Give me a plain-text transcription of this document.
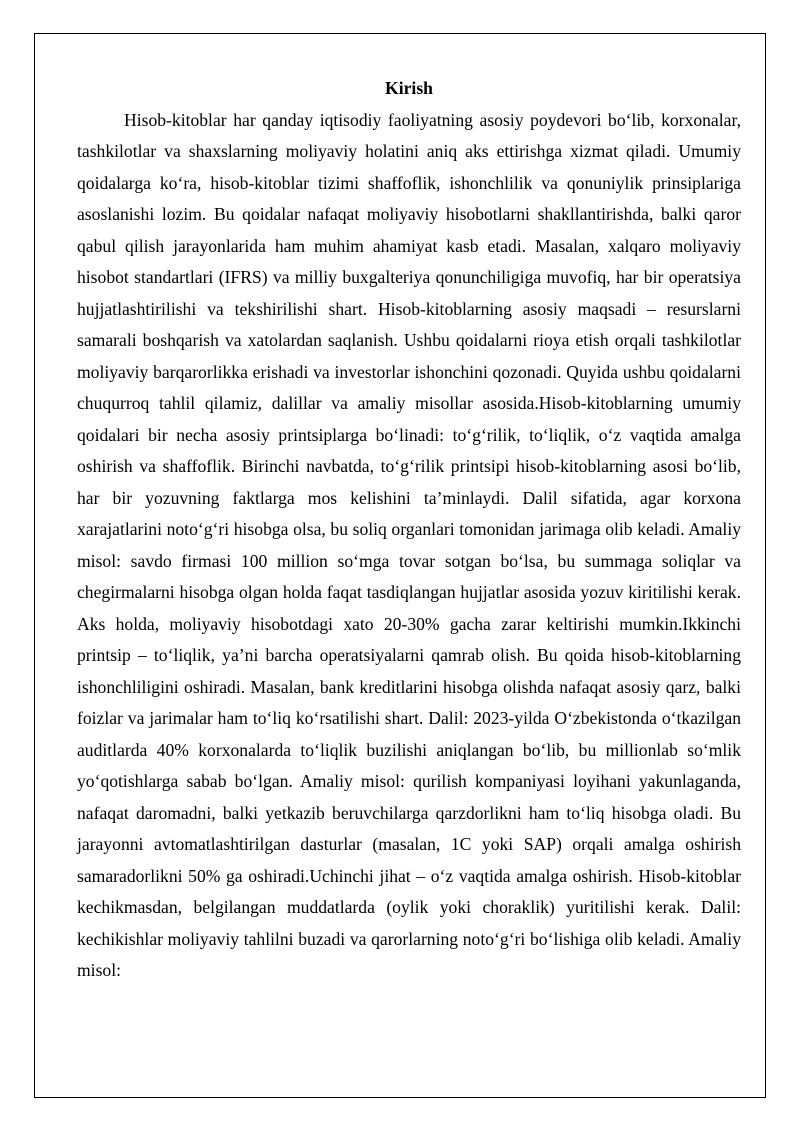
Kirish

Hisob-kitoblar har qanday iqtisodiy faoliyatning asosiy poydevori bo‘lib, korxonalar, tashkilotlar va shaxslarning moliyaviy holatini aniq aks ettirishga xizmat qiladi. Umumiy qoidalarga ko‘ra, hisob-kitoblar tizimi shaffoflik, ishonchlilik va qonuniylik prinsiplariga asoslanishi lozim. Bu qoidalar nafaqat moliyaviy hisobotlarni shakllantirishda, balki qaror qabul qilish jarayonlarida ham muhim ahamiyat kasb etadi. Masalan, xalqaro moliyaviy hisobot standartlari (IFRS) va milliy buxgalteriya qonunchiligiga muvofiq, har bir operatsiya hujjatlashtirilishi va tekshirilishi shart. Hisob-kitoblarning asosiy maqsadi – resurslarni samarali boshqarish va xatolardan saqlanish. Ushbu qoidalarni rioya etish orqali tashkilotlar moliyaviy barqarorlikka erishadi va investorlar ishonchini qozonadi. Quyida ushbu qoidalarni chuqurroq tahlil qilamiz, dalillar va amaliy misollar asosida.Hisob-kitoblarning umumiy qoidalari bir necha asosiy printsiplarga bo‘linadi: to‘g‘rilik, to‘liqlik, o‘z vaqtida amalga oshirish va shaffoflik. Birinchi navbatda, to‘g‘rilik printsipi hisob-kitoblarning asosi bo‘lib, har bir yozuvning faktlarga mos kelishini ta’minlaydi. Dalil sifatida, agar korxona xarajatlarini noto‘g‘ri hisobga olsa, bu soliq organlari tomonidan jarimaga olib keladi. Amaliy misol: savdo firmasi 100 million so‘mga tovar sotgan bo‘lsa, bu summaga soliqlar va chegirmalarni hisobga olgan holda faqat tasdiqlangan hujjatlar asosida yozuv kiritilishi kerak. Aks holda, moliyaviy hisobotdagi xato 20-30% gacha zarar keltirishi mumkin.Ikkinchi printsip – to‘liqlik, ya’ni barcha operatsiyalarni qamrab olish. Bu qoida hisob-kitoblarning ishonchliligini oshiradi. Masalan, bank kreditlarini hisobga olishda nafaqat asosiy qarz, balki foizlar va jarimalar ham to‘liq ko‘rsatilishi shart. Dalil: 2023-yilda O‘zbekistonda o‘tkazilgan auditlarda 40% korxonalarda to‘liqlik buzilishi aniqlangan bo‘lib, bu millionlab so‘mlik yo‘qotishlarga sabab bo‘lgan. Amaliy misol: qurilish kompaniyasi loyihani yakunlaganda, nafaqat daromadni, balki yetkazib beruvchilarga qarzdorlikni ham to‘liq hisobga oladi. Bu jarayonni avtomatlashtirilgan dasturlar (masalan, 1C yoki SAP) orqali amalga oshirish samaradorlikni 50% ga oshiradi.Uchinchi jihat – o‘z vaqtida amalga oshirish. Hisob-kitoblar kechikmasdan, belgilangan muddatlarda (oylik yoki choraklik) yuritilishi kerak. Dalil: kechikishlar moliyaviy tahlilni buzadi va qarorlarning noto‘g‘ri bo‘lishiga olib keladi. Amaliy misol:
